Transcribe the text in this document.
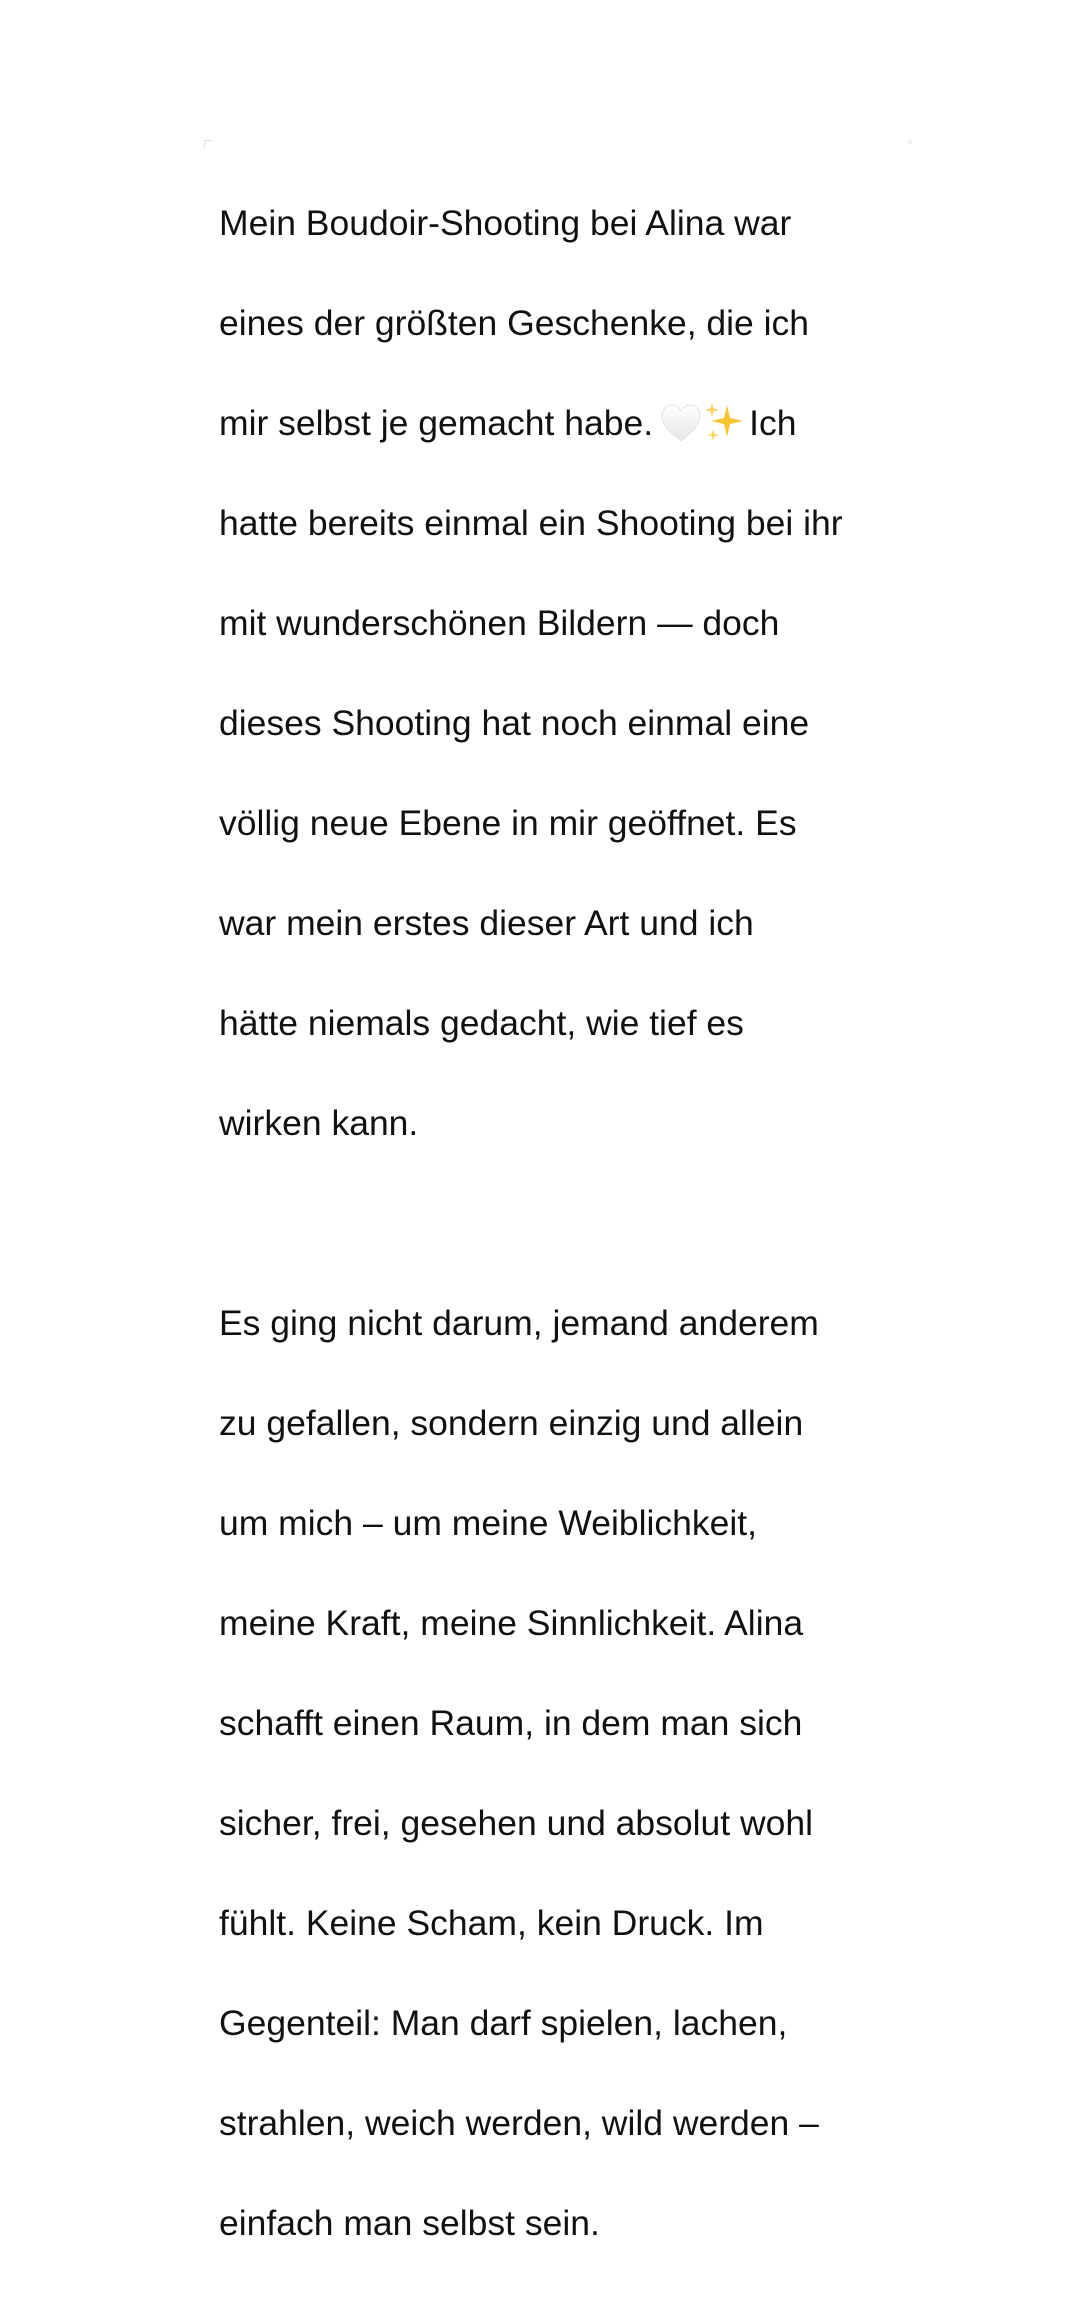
Mein Boudoir-Shooting bei Alina war

eines der größten Geschenke, die ich

mir selbst je gemacht habe.	Ich

hatte bereits einmal ein Shooting bei ihr

mit wunderschönen Bildern — doch

dieses Shooting hat noch einmal eine

völlig neue Ebene in mir geöffnet. Es

war mein erstes dieser Art und ich

hätte niemals gedacht, wie tief es

wirken kann.

Es ging nicht darum, jemand anderem

zu gefallen, sondern einzig und allein

um mich – um meine Weiblichkeit,

meine Kraft, meine Sinnlichkeit. Alina

schafft einen Raum, in dem man sich

sicher, frei, gesehen und absolut wohl

fühlt. Keine Scham, kein Druck. Im

Gegenteil: Man darf spielen, lachen,

strahlen, weich werden, wild werden –

einfach man selbst sein.
